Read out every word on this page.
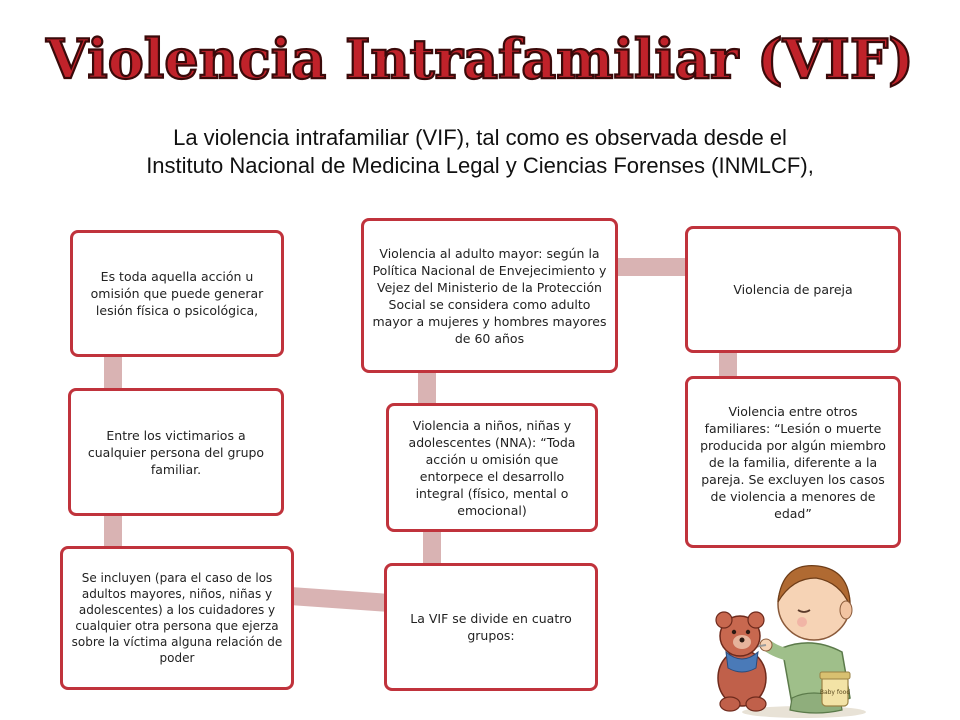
Violencia Intrafamiliar (VIF)
La violencia intrafamiliar (VIF), tal como es observada desde el
Instituto Nacional de Medicina Legal y Ciencias Forenses (INMLCF),
Es toda aquella acción u omisión que puede generar lesión física o psicológica,
Entre los victimarios a cualquier persona del grupo familiar.
Se incluyen (para el caso de los adultos mayores, niños, niñas y adolescentes) a los cuidadores y cualquier otra persona que ejerza sobre la víctima alguna relación de poder
La VIF se divide en cuatro grupos:
Violencia a niños, niñas y adolescentes (NNA): “Toda acción u omisión que entorpece el desarrollo integral (físico, mental o emocional)
Violencia al adulto mayor: según la Política Nacional de Envejecimiento y Vejez del Ministerio de la Protección Social se considera como adulto mayor a mujeres y hombres mayores de 60 años
Violencia de pareja
Violencia entre otros familiares: “Lesión o muerte producida por algún miembro de la familia, diferente a la pareja. Se excluyen los casos de violencia a menores de edad”
Baby food
